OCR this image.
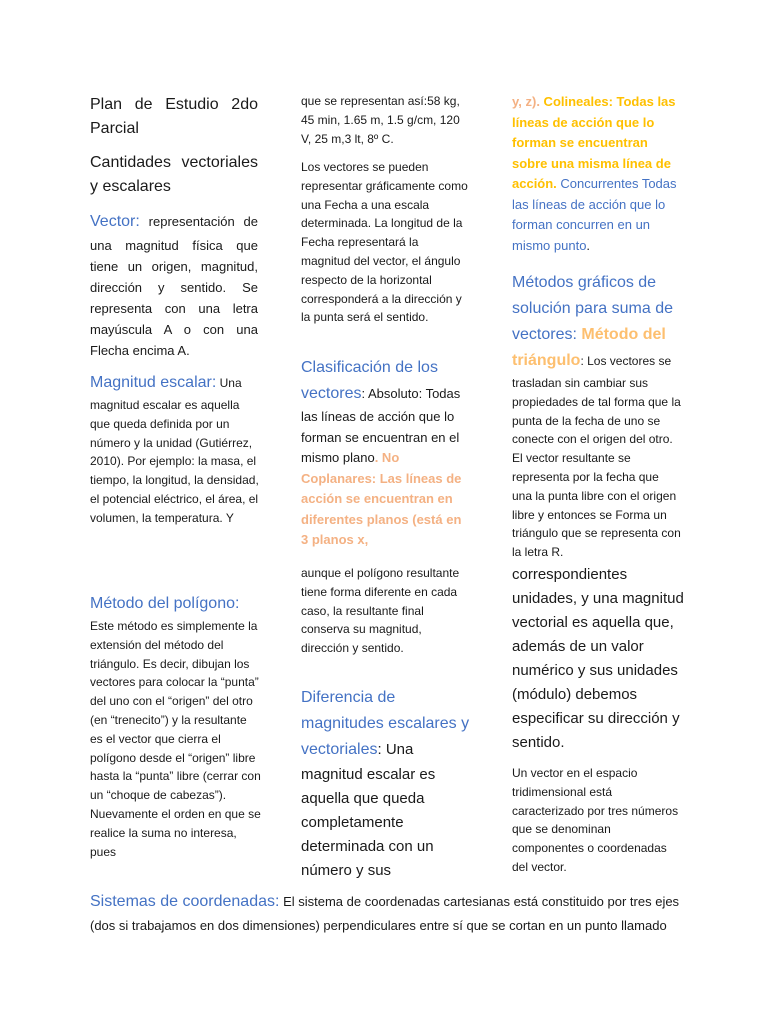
Plan de Estudio 2do Parcial

Cantidades vectoriales y escalares

Vector: representación de una magnitud física que tiene un origen, magnitud, dirección y sentido. Se representa con una letra mayúscula A o con una Flecha encima A.

Magnitud escalar: Una magnitud escalar es aquella que queda definida por un número y la unidad (Gutiérrez, 2010). Por ejemplo: la masa, el tiempo, la longitud, la densidad, el potencial eléctrico, el área, el volumen, la temperatura. Y

Método del polígono:
Este método es simplemente la extensión del método del triángulo. Es decir, dibujan los vectores para colocar la “punta” del uno con el “origen” del otro (en “trenecito”) y la resultante es el vector que cierra el polígono desde el “origen” libre hasta la “punta” libre (cerrar con un “choque de cabezas”). Nuevamente el orden en que se realice la suma no interesa, pues

que se representan así:58 kg, 45 min, 1.65 m, 1.5 g/cm, 120 V, 25 m,3 lt, 8º C.

Los vectores se pueden representar gráficamente como una Fecha a una escala determinada. La longitud de la Fecha representará la magnitud del vector, el ángulo respecto de la horizontal corresponderá a la dirección y la punta será el sentido.

Clasificación de los vectores: Absoluto: Todas las líneas de acción que lo forman se encuentran en el mismo plano. No Coplanares: Las líneas de acción se encuentran en diferentes planos (está en 3 planos x,

aunque el polígono resultante tiene forma diferente en cada caso, la resultante final conserva su magnitud, dirección y sentido.

Diferencia de magnitudes escalares y vectoriales: Una magnitud escalar es aquella que queda completamente determinada con un número y sus

y, z). Colineales: Todas las líneas de acción que lo forman se encuentran sobre una misma línea de acción. Concurrentes Todas las líneas de acción que lo forman concurren en un mismo punto.

Métodos gráficos de solución para suma de vectores: Método del triángulo: Los vectores se trasladan sin cambiar sus propiedades de tal forma que la punta de la fecha de uno se conecte con el origen del otro. El vector resultante se representa por la fecha que una la punta libre con el origen libre y entonces se Forma un triángulo que se representa con la letra R.

correspondientes unidades, y una magnitud vectorial es aquella que, además de un valor numérico y sus unidades (módulo) debemos especificar su dirección y sentido.

Un vector en el espacio tridimensional está caracterizado por tres números que se denominan componentes o coordenadas del vector.

Sistemas de coordenadas: El sistema de coordenadas cartesianas está constituido por tres ejes (dos si trabajamos en dos dimensiones) perpendiculares entre sí que se cortan en un punto llamado
